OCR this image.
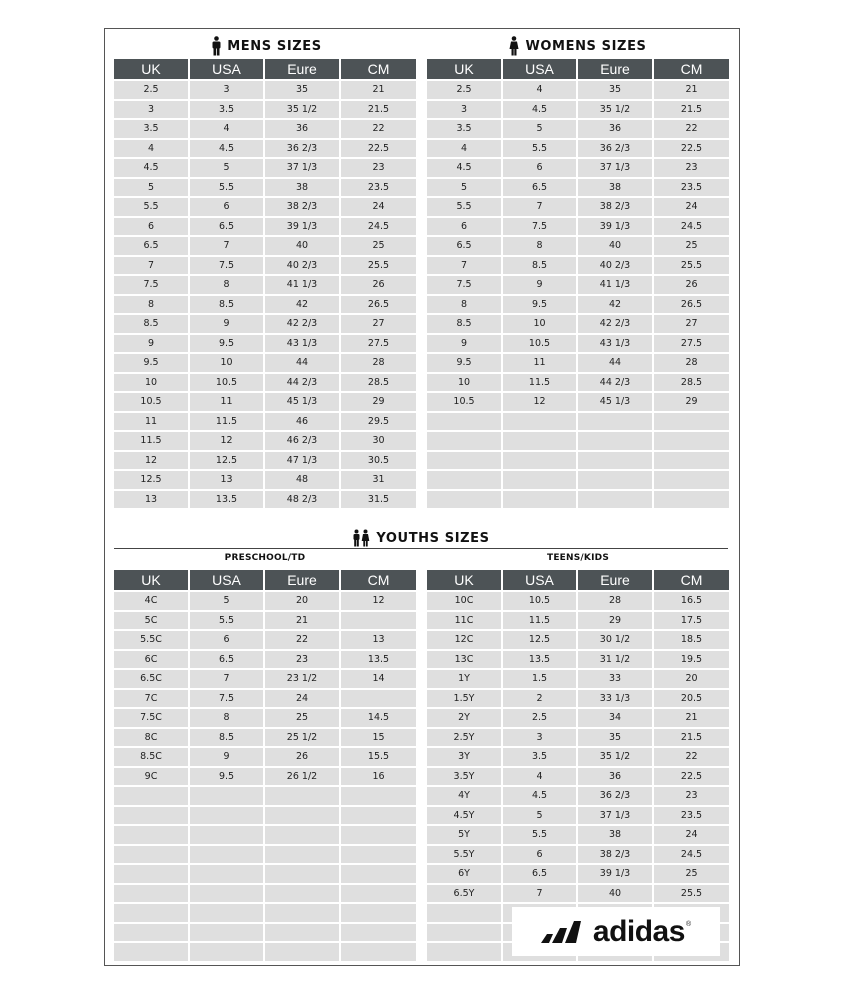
MENS SIZES
UK	USA	Eure	CM
2.5	3	35	21
3	3.5	35 1/2	21.5
3.5	4	36	22
4	4.5	36 2/3	22.5
4.5	5	37 1/3	23
5	5.5	38	23.5
5.5	6	38 2/3	24
6	6.5	39 1/3	24.5
6.5	7	40	25
7	7.5	40 2/3	25.5
7.5	8	41 1/3	26
8	8.5	42	26.5
8.5	9	42 2/3	27
9	9.5	43 1/3	27.5
9.5	10	44	28
10	10.5	44 2/3	28.5
10.5	11	45 1/3	29
11	11.5	46	29.5
11.5	12	46 2/3	30
12	12.5	47 1/3	30.5
12.5	13	48	31
13	13.5	48 2/3	31.5
WOMENS SIZES
UK	USA	Eure	CM
2.5	4	35	21
3	4.5	35 1/2	21.5
3.5	5	36	22
4	5.5	36 2/3	22.5
4.5	6	37 1/3	23
5	6.5	38	23.5
5.5	7	38 2/3	24
6	7.5	39 1/3	24.5
6.5	8	40	25
7	8.5	40 2/3	25.5
7.5	9	41 1/3	26
8	9.5	42	26.5
8.5	10	42 2/3	27
9	10.5	43 1/3	27.5
9.5	11	44	28
10	11.5	44 2/3	28.5
10.5	12	45 1/3	29

YOUTHS SIZES
PRESCHOOL/TD
UK	USA	Eure	CM
4C	5	20	12
5C	5.5	21	
5.5C	6	22	13
6C	6.5	23	13.5
6.5C	7	23 1/2	14
7C	7.5	24	
7.5C	8	25	14.5
8C	8.5	25 1/2	15
8.5C	9	26	15.5
9C	9.5	26 1/2	16

TEENS/KIDS
UK	USA	Eure	CM
10C	10.5	28	16.5
11C	11.5	29	17.5
12C	12.5	30 1/2	18.5
13C	13.5	31 1/2	19.5
1Y	1.5	33	20
1.5Y	2	33 1/3	20.5
2Y	2.5	34	21
2.5Y	3	35	21.5
3Y	3.5	35 1/2	22
3.5Y	4	36	22.5
4Y	4.5	36 2/3	23
4.5Y	5	37 1/3	23.5
5Y	5.5	38	24
5.5Y	6	38 2/3	24.5
6Y	6.5	39 1/3	25
6.5Y	7	40	25.5

adidas ®
